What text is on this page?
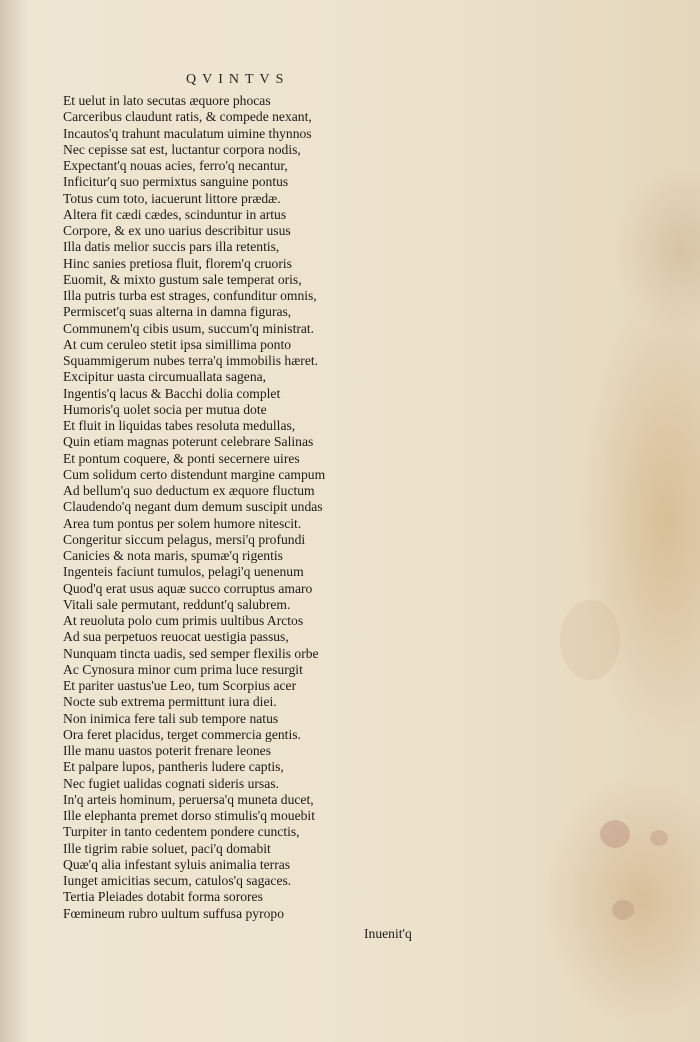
QVINTVS
Et uelut in lato secutas æquore phocas
Carceribus claudunt ratis, & compede nexant,
Incautos'q trahunt maculatum uimine thynnos
Nec cepisse sat est, luctantur corpora nodis,
Expectant'q nouas acies, ferro'q necantur,
Inficitur'q suo permixtus sanguine pontus
Totus cum toto, iacuerunt littore prædæ.
Altera fit cædi cædes, scinduntur in artus
Corpore, & ex uno uarius describitur usus
Illa datis melior succis pars illa retentis,
Hinc sanies pretiosa fluit, florem'q cruoris
Euomit, & mixto gustum sale temperat oris,
Illa putris turba est strages, confunditur omnis,
Permiscet'q suas alterna in damna figuras,
Communem'q cibis usum, succum'q ministrat.
At cum ceruleo stetit ipsa simillima ponto
Squammigerum nubes terra'q immobilis hæret.
Excipitur uasta circumuallata sagena,
Ingentis'q lacus & Bacchi dolia complet
Humoris'q uolet socia per mutua dote
Et fluit in liquidas tabes resoluta medullas,
Quin etiam magnas poterunt celebrare Salinas
Et pontum coquere, & ponti secernere uires
Cum solidum certo distendunt margine campum
Ad bellum'q suo deductum ex æquore fluctum
Claudendo'q negant dum demum suscipit undas
Area tum pontus per solem humore nitescit.
Congeritur siccum pelagus, mersi'q profundi
Canicies & nota maris, spumæ'q rigentis
Ingenteis faciunt tumulos, pelagi'q uenenum
Quod'q erat usus aquæ succo corruptus amaro
Vitali sale permutant, reddunt'q salubrem.
At reuoluta polo cum primis uultibus Arctos
Ad sua perpetuos reuocat uestigia passus,
Nunquam tincta uadis, sed semper flexilis orbe
Ac Cynosura minor cum prima luce resurgit
Et pariter uastus'ue Leo, tum Scorpius acer
Nocte sub extrema permittunt iura diei.
Non inimica fere tali sub tempore natus
Ora feret placidus, terget commercia gentis.
Ille manu uastos poterit frenare leones
Et palpare lupos, pantheris ludere captis,
Nec fugiet ualidas cognati sideris ursas.
In'q arteis hominum, peruersa'q muneta ducet,
Ille elephanta premet dorso stimulis'q mouebit
Turpiter in tanto cedentem pondere cunctis,
Ille tigrim rabie soluet, paci'q domabit
Quæ'q alia infestant syluis animalia terras
Iunget amicitias secum, catulos'q sagaces.
Tertia Pleiades dotabit forma sorores
Fœmineum rubro uultum suffusa pyropo
Inuenit'q
